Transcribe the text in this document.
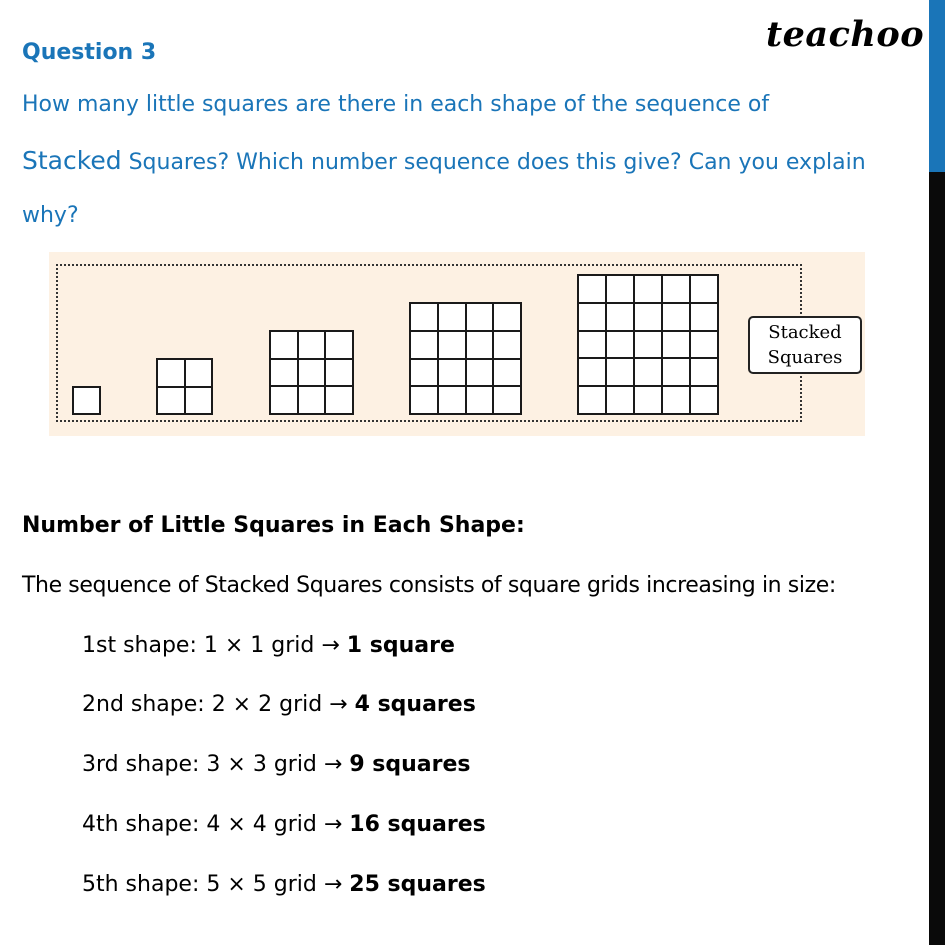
Question 3	teachoo
How many little squares are there in each shape of the sequence of
Stacked Squares? Which number sequence does this give? Can you explain
why?
Stacked
Squares
Number of Little Squares in Each Shape:
The sequence of Stacked Squares consists of square grids increasing in size:
1st shape: 1 × 1 grid → 1 square
2nd shape: 2 × 2 grid → 4 squares
3rd shape: 3 × 3 grid → 9 squares
4th shape: 4 × 4 grid → 16 squares
5th shape: 5 × 5 grid → 25 squares
